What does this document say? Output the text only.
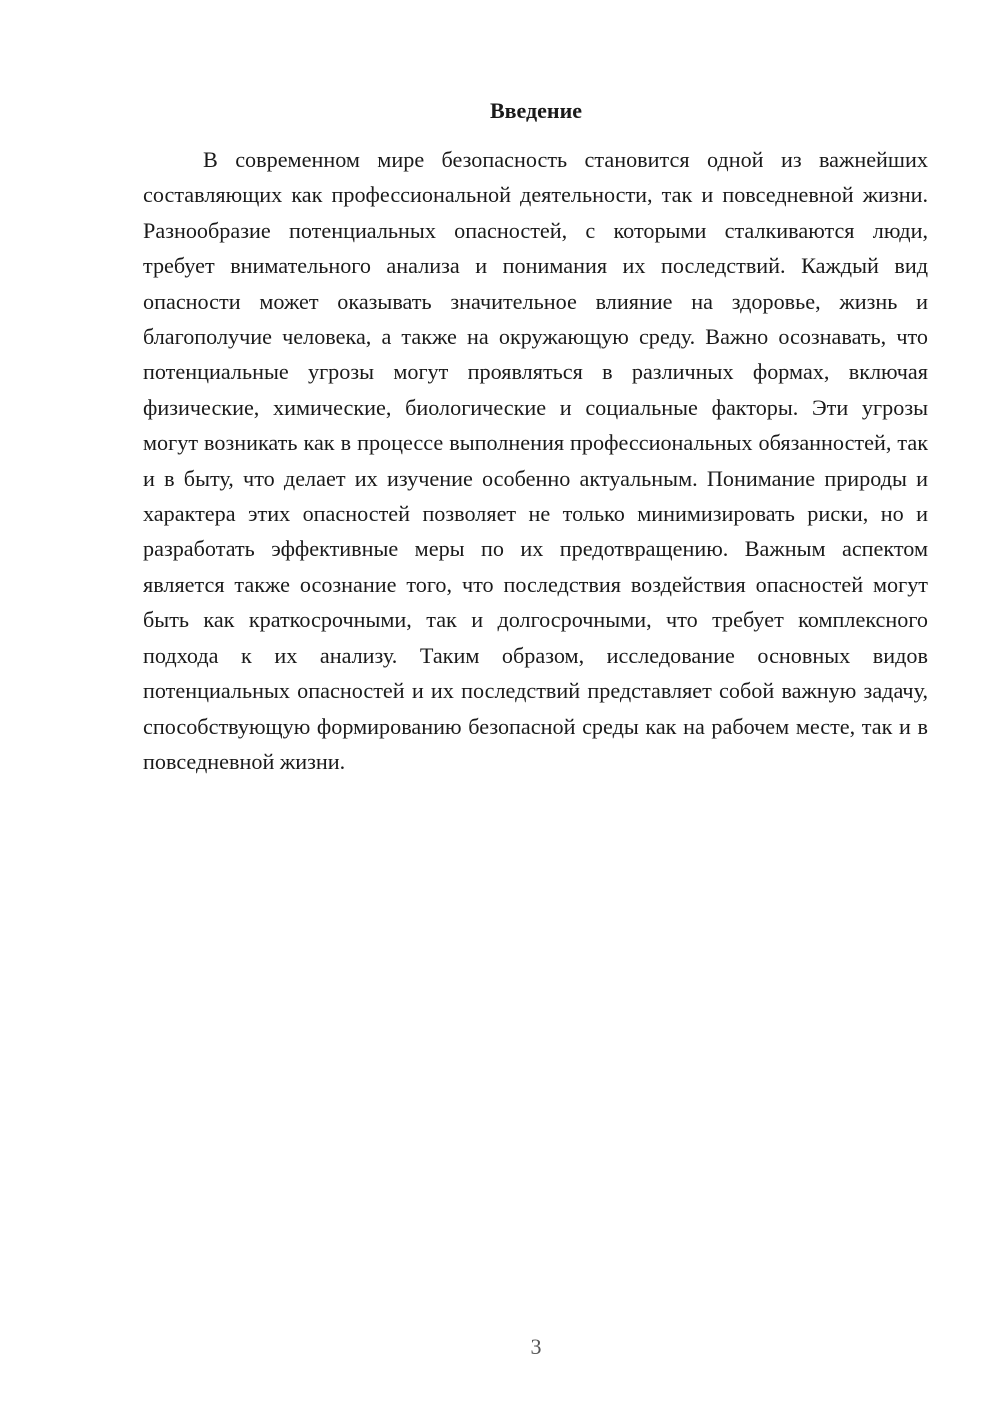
Введение

В современном мире безопасность становится одной из важнейших составляющих как профессиональной деятельности, так и повседневной жизни. Разнообразие потенциальных опасностей, с которыми сталкиваются люди, требует внимательного анализа и понимания их последствий. Каждый вид опасности может оказывать значительное влияние на здоровье, жизнь и благополучие человека, а также на окружающую среду. Важно осознавать, что потенциальные угрозы могут проявляться в различных формах, включая физические, химические, биологические и социальные факторы. Эти угрозы могут возникать как в процессе выполнения профессиональных обязанностей, так и в быту, что делает их изучение особенно актуальным. Понимание природы и характера этих опасностей позволяет не только минимизировать риски, но и разработать эффективные меры по их предотвращению. Важным аспектом является также осознание того, что последствия воздействия опасностей могут быть как краткосрочными, так и долгосрочными, что требует комплексного подхода к их анализу. Таким образом, исследование основных видов потенциальных опасностей и их последствий представляет собой важную задачу, способствующую формированию безопасной среды как на рабочем месте, так и в повседневной жизни.

3
